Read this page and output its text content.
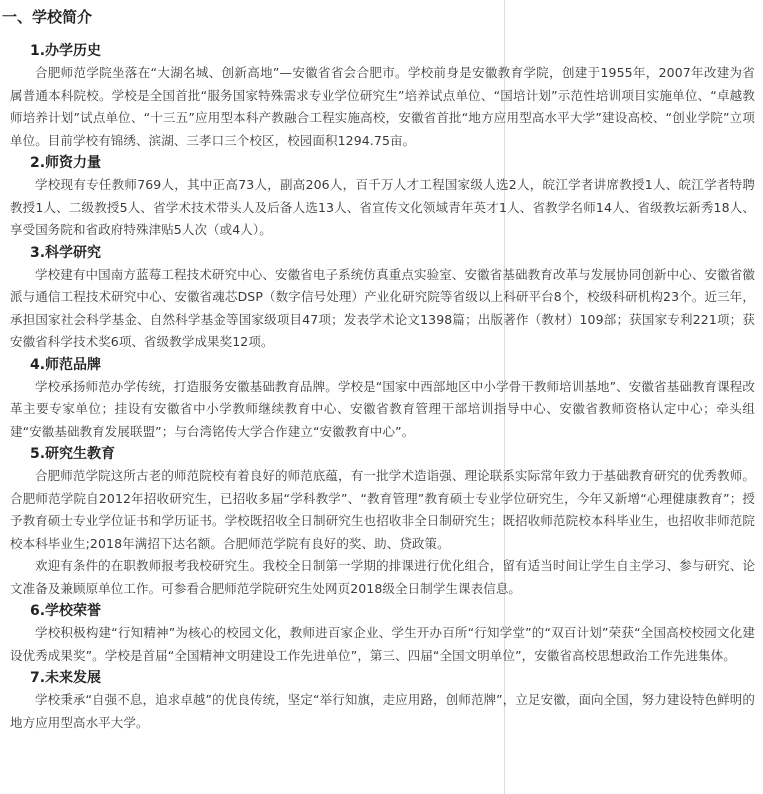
一、学校简介
1.办学历史

合肥师范学院坐落在“大湖名城、创新高地”—安徽省省会合肥市。学校前身是安徽教育学院，创建于1955年，2007年改建为省属普通本科院校。学校是全国首批“服务国家特殊需求专业学位研究生”培养试点单位、“国培计划”示范性培训项目实施单位、“卓越教师培养计划”试点单位、“十三五”应用型本科产教融合工程实施高校，安徽省首批“地方应用型高水平大学”建设高校、“创业学院”立项单位。目前学校有锦绣、滨湖、三孝口三个校区，校园面积1294.75亩。

2.师资力量

学校现有专任教师769人，其中正高73人，副高206人，百千万人才工程国家级人选2人，皖江学者讲席教授1人、皖江学者特聘教授1人、二级教授5人、省学术技术带头人及后备人选13人、省宣传文化领域青年英才1人、省教学名师14人、省级教坛新秀18人、享受国务院和省政府特殊津贴5人次（或4人）。

3.科学研究

学校建有中国南方蓝莓工程技术研究中心、安徽省电子系统仿真重点实验室、安徽省基础教育改革与发展协同创新中心、安徽省徽派与通信工程技术研究中心、安徽省魂芯DSP（数字信号处理）产业化研究院等省级以上科研平台8个，校级科研机构23个。近三年，承担国家社会科学基金、自然科学基金等国家级项目47项；发表学术论文1398篇；出版著作（教材）109部；获国家专利221项；获安徽省科学技术奖6项、省级教学成果奖12项。

4.师范品牌

学校承扬师范办学传统，打造服务安徽基础教育品牌。学校是“国家中西部地区中小学骨干教师培训基地”、安徽省基础教育课程改革主要专家单位；挂设有安徽省中小学教师继续教育中心、安徽省教育管理干部培训指导中心、安徽省教师资格认定中心；牵头组建“安徽基础教育发展联盟”；与台湾铭传大学合作建立“安徽教育中心”。

5.研究生教育

合肥师范学院这所古老的师范院校有着良好的师范底蕴，有一批学术造诣强、理论联系实际常年致力于基础教育研究的优秀教师。合肥师范学院自2012年招收研究生，已招收多届“学科教学”、“教育管理”教育硕士专业学位研究生，今年又新增“心理健康教育”；授予教育硕士专业学位证书和学历证书。学校既招收全日制研究生也招收非全日制研究生；既招收师范院校本科毕业生，也招收非师范院校本科毕业生;2018年满招下达名额。合肥师范学院有良好的奖、助、贷政策。

欢迎有条件的在职教师报考我校研究生。我校全日制第一学期的排课进行优化组合，留有适当时间让学生自主学习、参与研究、论文准备及兼顾原单位工作。可参看合肥师范学院研究生处网页2018级全日制学生课表信息。

6.学校荣誉

学校积极构建“行知精神”为核心的校园文化，教师进百家企业、学生开办百所“行知学堂”的“双百计划”荣获“全国高校校园文化建设优秀成果奖”。学校是首届“全国精神文明建设工作先进单位”，第三、四届“全国文明单位”，安徽省高校思想政治工作先进集体。

7.未来发展

学校秉承“自强不息，追求卓越”的优良传统，坚定“举行知旗，走应用路，创师范牌”，立足安徽，面向全国，努力建设特色鲜明的地方应用型高水平大学。
